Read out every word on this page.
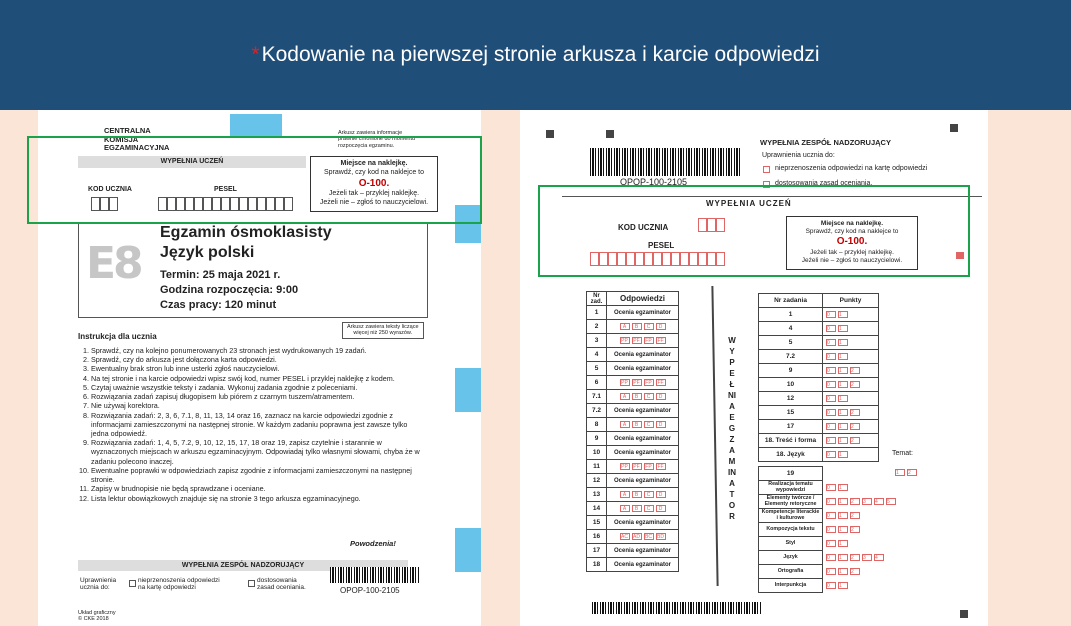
* Kodowanie na pierwszej stronie arkusza i karcie odpowiedzi
CENTRALNA
KOMISJA
EGZAMINACYJNA
Arkusz zawiera informacje
prawnie chronione do momentu
rozpoczęcia egzaminu.
WYPEŁNIA UCZEŃ
KOD UCZNIA	PESEL
Miejsce na naklejkę.
Sprawdź, czy kod na naklejce to
O-100.
Jeżeli tak – przyklej naklejkę.
Jeżeli nie – zgłoś to nauczycielowi.
E8
Egzamin ósmoklasisty
Język polski
Termin: 25 maja 2021 r.
Godzina rozpoczęcia: 9:00
Czas pracy: 120 minut
Arkusz zawiera teksty liczące
więcej niż 250 wyrazów.
Instrukcja dla ucznia
1. Sprawdź, czy na kolejno ponumerowanych 23 stronach jest wydrukowanych 19 zadań.
2. Sprawdź, czy do arkusza jest dołączona karta odpowiedzi.
3. Ewentualny brak stron lub inne usterki zgłoś nauczycielowi.
4. Na tej stronie i na karcie odpowiedzi wpisz swój kod, numer PESEL i przyklej naklejkę z kodem.
5. Czytaj uważnie wszystkie teksty i zadania. Wykonuj zadania zgodnie z poleceniami.
6. Rozwiązania zadań zapisuj długopisem lub piórem z czarnym tuszem/atramentem.
7. Nie używaj korektora.
8. Rozwiązania zadań: 2, 3, 6, 7.1, 8, 11, 13, 14 oraz 16, zaznacz na karcie odpowiedzi zgodnie z informacjami zamieszczonymi na następnej stronie. W każdym zadaniu poprawna jest zawsze tylko jedna odpowiedź.
9. Rozwiązania zadań: 1, 4, 5, 7.2, 9, 10, 12, 15, 17, 18 oraz 19, zapisz czytelnie i starannie w wyznaczonych miejscach w arkuszu egzaminacyjnym. Odpowiadaj tylko własnymi słowami, chyba że w zadaniu polecono inaczej.
10. Ewentualne poprawki w odpowiedziach zapisz zgodnie z informacjami zamieszczonymi na następnej stronie.
11. Zapisy w brudnopisie nie będą sprawdzane i oceniane.
12. Lista lektur obowiązkowych znajduje się na stronie 3 tego arkusza egzaminacyjnego.
Powodzenia!
WYPEŁNIA ZESPÓŁ NADZORUJĄCY
Uprawnienia
ucznia do:
nieprzenoszenia odpowiedzi
na kartę odpowiedzi
dostosowania
zasad oceniania.	OPOP-100-2105
Układ graficzny
© CKE 2018
OPOP-100-2105
WYPEŁNIA ZESPÓŁ NADZORUJĄCY
Uprawnienia ucznia do:
nieprzenoszenia odpowiedzi na kartę odpowiedzi
dostosowania zasad oceniania.
WYPEŁNIA UCZEŃ
KOD UCZNIA
PESEL
Miejsce na naklejkę.
Sprawdź, czy kod na naklejce to
O-100.
Jeżeli tak – przyklej naklejkę.
Jeżeli nie – zgłoś to nauczycielowi.
Nr zad.	Odpowiedzi
1	Ocenia egzaminator
2	A B C D
3	PP PF FP FF
4	Ocenia egzaminator
5	Ocenia egzaminator
6	PP PF FP FF
7.1	A B C D
7.2	Ocenia egzaminator
8	A B C D
9	Ocenia egzaminator
10	Ocenia egzaminator
11	PP PF FP FF
12	Ocenia egzaminator
13	A B C D
14	A B C D
15	Ocenia egzaminator
16	AC AD BC BD
17	Ocenia egzaminator
18	Ocenia egzaminator
WYPEŁNIA EGZAMINATOR
Nr zadania	Punkty
1	0 1
4	0 1
5	0 1
7.2	0 1
9	0 1 2
10	0 1 2
12	0 1
15	0 1 2
17	0 1 2
18. Treść i forma	0 1 2
18. Język	0 1	Temat:
1 2
19	
Realizacja tematu wypowiedzi	0 1
Elementy twórcze / Elementy retoryczne	0 1 2 3 4 5
Kompetencje literackie i kulturowe	0 1 2
Kompozycja tekstu	0 1 2
Styl	0 1
Język	0 1 2 3 4
Ortografia	0 1 2
Interpunkcja	0 1
